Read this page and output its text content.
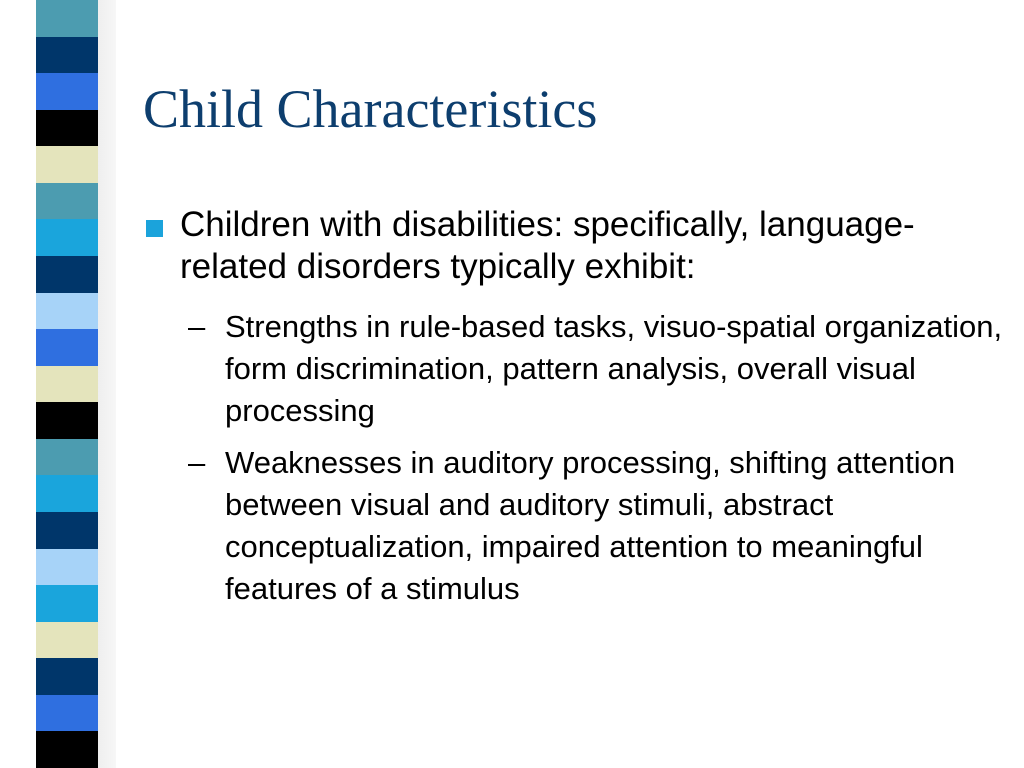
Child Characteristics
Children with disabilities: specifically, language-related disorders typically exhibit:
– Strengths in rule-based tasks, visuo-spatial organization, form discrimination, pattern analysis, overall visual processing
– Weaknesses in auditory processing, shifting attention between visual and auditory stimuli, abstract conceptualization, impaired attention to meaningful features of a stimulus
